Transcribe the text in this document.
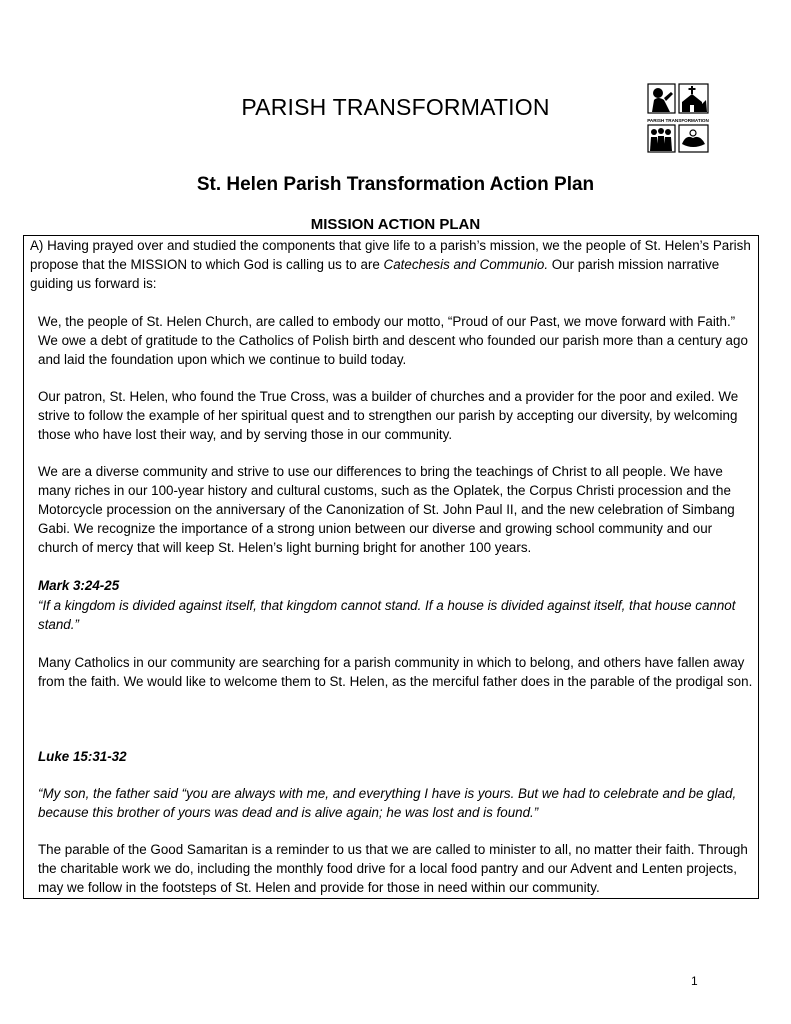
PARISH TRANSFORMATION
PARISH TRANSFORMATION
St. Helen Parish Transformation Action Plan
MISSION ACTION PLAN

A) Having prayed over and studied the components that give life to a parish’s mission, we the people of St. Helen’s Parish propose that the MISSION to which God is calling us to are Catechesis and Communio. Our parish mission narrative guiding us forward is:

We, the people of St. Helen Church, are called to embody our motto, “Proud of our Past, we move forward with Faith.” We owe a debt of gratitude to the Catholics of Polish birth and descent who founded our parish more than a century ago and laid the foundation upon which we continue to build today.

Our patron, St. Helen, who found the True Cross, was a builder of churches and a provider for the poor and exiled. We strive to follow the example of her spiritual quest and to strengthen our parish by accepting our diversity, by welcoming those who have lost their way, and by serving those in our community.

We are a diverse community and strive to use our differences to bring the teachings of Christ to all people. We have many riches in our 100-year history and cultural customs, such as the Oplatek, the Corpus Christi procession and the Motorcycle procession on the anniversary of the Canonization of St. John Paul II, and the new celebration of Simbang Gabi. We recognize the importance of a strong union between our diverse and growing school community and our church of mercy that will keep St. Helen’s light burning bright for another 100 years.

Mark 3:24-25

“If a kingdom is divided against itself, that kingdom cannot stand. If a house is divided against itself, that house cannot stand.”

Many Catholics in our community are searching for a parish community in which to belong, and others have fallen away from the faith. We would like to welcome them to St. Helen, as the merciful father does in the parable of the prodigal son.

Luke 15:31-32

“My son, the father said “you are always with me, and everything I have is yours. But we had to celebrate and be glad, because this brother of yours was dead and is alive again; he was lost and is found.”

The parable of the Good Samaritan is a reminder to us that we are called to minister to all, no matter their faith. Through the charitable work we do, including the monthly food drive for a local food pantry and our Advent and Lenten projects, may we follow in the footsteps of St. Helen and provide for those in need within our community.

1
